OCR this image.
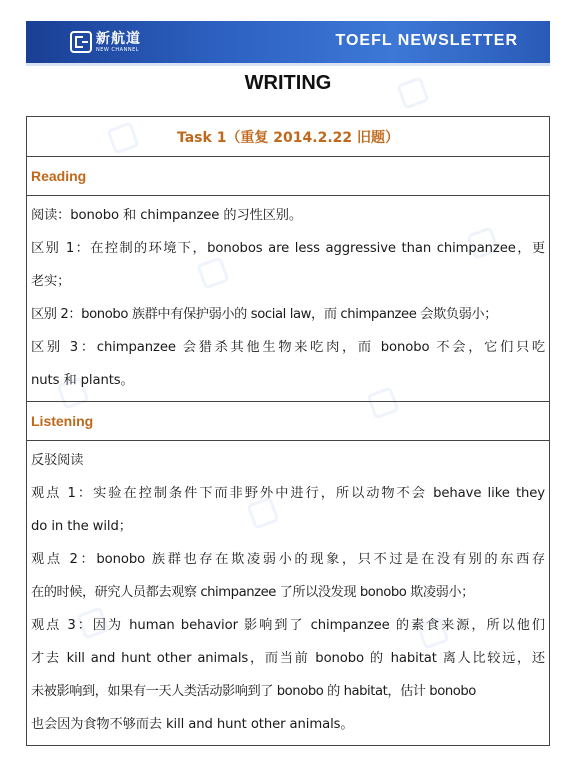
新航道
NEW CHANNEL
TOEFL NEWSLETTER
WRITING
Task 1（重复 2014.2.22 旧题）
Reading
阅读：bonobo 和 chimpanzee 的习性区别。
区别 1：在控制的环境下，bonobos are less aggressive than chimpanzee，更
老实；
区别 2：bonobo 族群中有保护弱小的 social law，而 chimpanzee 会欺负弱小；
区别 3：chimpanzee 会猎杀其他生物来吃肉，而 bonobo 不会，它们只吃
nuts 和 plants。
Listening
反驳阅读
观点 1：实验在控制条件下而非野外中进行，所以动物不会 behave like they
do in the wild；
观点 2：bonobo 族群也存在欺凌弱小的现象，只不过是在没有别的东西存
在的时候，研究人员都去观察 chimpanzee 了所以没发现 bonobo 欺凌弱小；
观点 3：因为 human behavior 影响到了 chimpanzee 的素食来源，所以他们
才去 kill and hunt other animals，而当前 bonobo 的 habitat 离人比较远，还
未被影响到，如果有一天人类活动影响到了 bonobo 的 habitat，估计 bonobo
也会因为食物不够而去 kill and hunt other animals。
